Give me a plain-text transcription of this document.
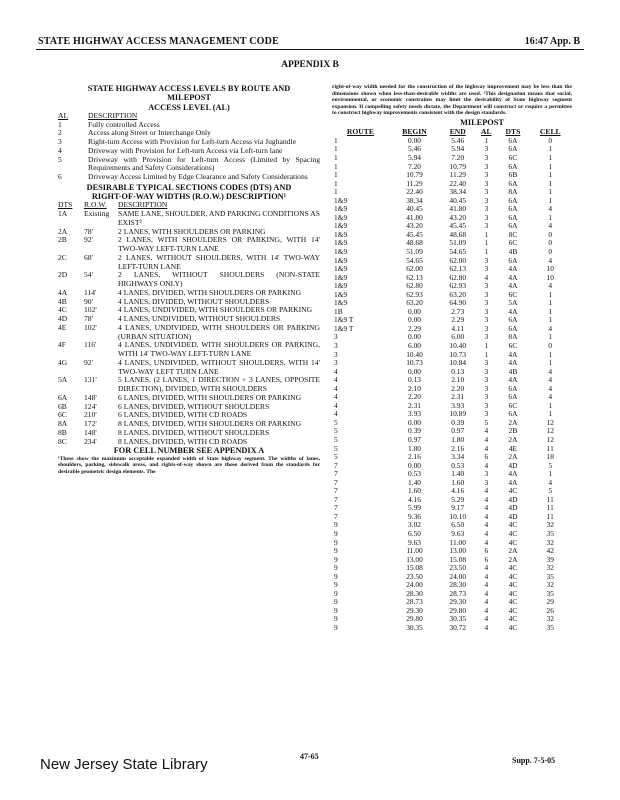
STATE HIGHWAY ACCESS MANAGEMENT CODE	16:47 App. B
APPENDIX B
STATE HIGHWAY ACCESS LEVELS BY ROUTE AND
MILEPOST
ACCESS LEVEL (AL)
AL	DESCRIPTION
1	Fully controlled Access
2	Access along Street or Interchange Only
3	Right-turn Access with Provision for Left-turn Access via Jughandle
4	Driveway with Provision for Left-turn Access via Left-turn lane
5	Driveway with Provision for Left-turn Access (Limited by Spacing Requirements and Safety Considerations)
6	Driveway Access Limited by Edge Clearance and Safety Considerations
DESIRABLE TYPICAL SECTIONS CODES (DTS) AND
RIGHT-OF-WAY WIDTHS (R.O.W.) DESCRIPTION¹
DTS	R.O.W.	DESCRIPTION
1A	Existing	SAME LANE, SHOULDER, AND PARKING CONDITIONS AS EXIST²
2A	78'	2 LANES, WITH SHOULDERS OR PARKING
2B	92'	2 LANES, WITH SHOULDERS OR PARKING, WITH 14' TWO-WAY LEFT-TURN LANE
2C	68'	2 LANES, WITHOUT SHOULDERS, WITH 14' TWO-WAY LEFT-TURN LANE
2D	54'	2 LANES, WITHOUT SHOULDERS (NON-STATE HIGHWAYS ONLY)
4A	114'	4 LANES, DIVIDED, WITH SHOULDERS OR PARKING
4B	90'	4 LANES, DIVIDED, WITHOUT SHOULDERS
4C	102'	4 LANES, UNDIVIDED, WITH SHOULDERS OR PARKING
4D	78'	4 LANES, UNDIVIDED, WITHOUT SHOULDERS
4E	102'	4 LANES, UNDIVIDED, WITH SHOULDERS OR PARKING (URBAN SITUATION)
4F	116'	4 LANES, UNDIVIDED, WITH SHOULDERS OR PARKING, WITH 14' TWO-WAY LEFT-TURN LANE
4G	92'	4 LANES, UNDIVIDED, WITHOUT SHOULDERS, WITH 14' TWO-WAY LEFT TURN LANE
5A	131'	5 LANES, (2 LANES, 1 DIRECTION + 3 LANES, OPPOSITE DIRECTION), DIVIDED, WITH SHOULDERS
6A	148'	6 LANES, DIVIDED, WITH SHOULDERS OR PARKING
6B	124'	6 LANES, DIVIDED, WITHOUT SHOULDERS
6C	210'	6 LANES, DIVIDED, WITH CD ROADS
8A	172'	8 LANES, DIVIDED, WITH SHOULDERS OR PARKING
8B	148'	8 LANES, DIVIDED, WITHOUT SHOULDERS
8C	234'	8 LANES, DIVIDED, WITH CD ROADS
FOR CELL NUMBER SEE APPENDIX A

¹These show the maximum acceptable expanded width of State highway segment. The widths of lanes, shoulders, parking, sidewalk areas, and rights-of-way shown are those derived from the standards for desirable geometric design elements. The

right-of-way width needed for the construction of the highway improvement may be less than the dimensions shown when less-than-desirable widths are used. ²This designation means that social, environmental, or economic constraints may limit the desirability of State highway segment expansion. If compelling safety needs dictate, the Department will construct or require a permittee to construct highway improvements consistent with the design standards.

MILEPOST
ROUTE	BEGIN	END	AL	DTS	CELL
1	0.00	5.46	1	6A	0
1	5.46	5.94	3	6A	1
1	5.94	7.20	3	6C	1
1	7.20	10.79	3	6A	1
1	10.79	11.29	3	6B	1
1	11.29	22.40	3	6A	1
1	22.40	38.34	3	8A	1
1&9	38.34	40.45	3	6A	1
1&9	40.45	41.80	3	6A	4
1&9	41.80	43.20	3	6A	1
1&9	43.20	45.45	3	6A	4
1&9	45.45	48.68	1	8C	0
1&9	48.68	51.09	1	6C	0
1&9	51.09	54.65	1	4B	0
1&9	54.65	62.00	3	6A	4
1&9	62.00	62.13	3	4A	10
1&9	62.13	62.80	4	4A	10
1&9	62.80	62.93	3	4A	4
1&9	62.93	63.20	3	6C	1
1&9	63.20	64.90	3	5A	1
1B	0.00	2.73	3	4A	1
1&9 T	0.00	2.29	3	6A	1
1&9 T	2.29	4.11	3	6A	4
3	0.00	6.00	3	8A	1
3	6.00	10.40	1	6C	0
3	10.40	10.73	1	4A	1
3	10.73	10.84	3	4A	1
4	0.00	0.13	3	4B	4
4	0.13	2.10	3	4A	4
4	2.10	2.20	3	6A	4
4	2.20	2.31	3	6A	4
4	2.31	3.93	3	6C	1
4	3.93	10.89	3	6A	1
5	0.00	0.39	5	2A	12
5	0.39	0.97	4	2B	12
5	0.97	1.80	4	2A	12
5	1.80	2.16	4	4E	11
5	2.16	3.34	6	2A	18
7	0.00	0.53	4	4D	5
7	0.53	1.40	3	4A	1
7	1.40	1.60	3	4A	4
7	1.60	4.16	4	4C	5
7	4.16	5.29	4	4D	11
7	5.99	9.17	4	4D	11
7	9.36	10.10	4	4D	11
9	3.02	6.50	4	4C	32
9	6.50	9.63	4	4C	35
9	9.63	11.00	4	4C	32
9	11.00	13.00	6	2A	42
9	13.00	15.08	6	2A	39
9	15.08	23.50	4	4C	32
9	23.50	24.00	4	4C	35
9	24.00	28.30	4	4C	32
9	28.30	28.73	4	4C	35
9	28.73	29.30	4	4C	29
9	29.30	29.80	4	4C	26
9	29.80	30.35	4	4C	32
9	30.35	30.72	4	4C	35
New Jersey State Library	47-65	Supp. 7-5-05
